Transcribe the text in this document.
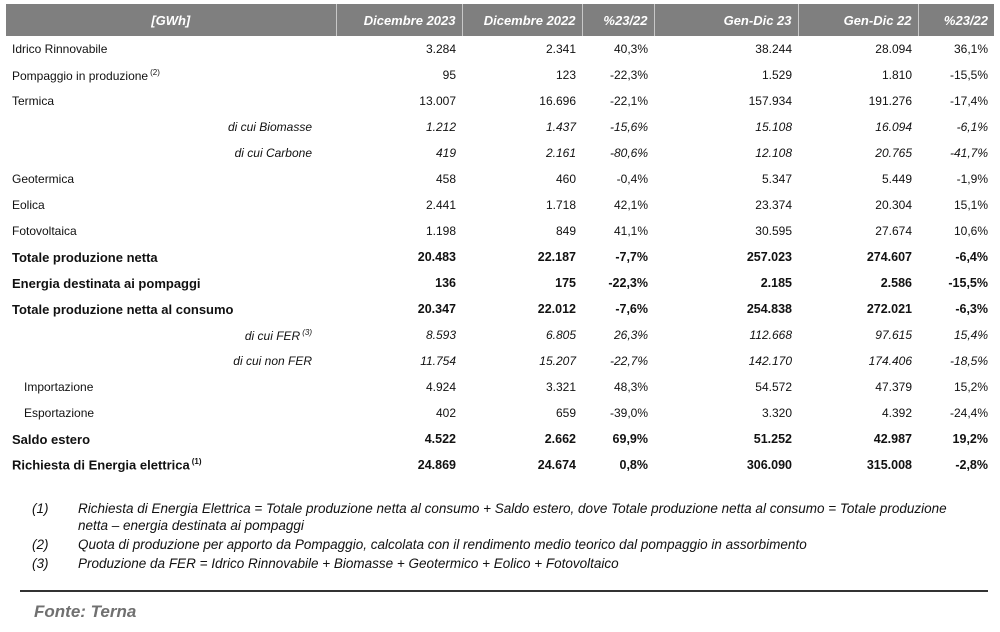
[GWh]	Dicembre 2023	Dicembre 2022	%23/22	Gen-Dic 23	Gen-Dic 22	%23/22
Idrico Rinnovabile	3.284	2.341	40,3%	38.244	28.094	36,1%
Pompaggio in produzione $^{(2)}$	95	123	-22,3%	1.529	1.810	-15,5%
Termica	13.007	16.696	-22,1%	157.934	191.276	-17,4%
di cui Biomasse	1.212	1.437	-15,6%	15.108	16.094	-6,1%
di cui Carbone	419	2.161	-80,6%	12.108	20.765	-41,7%
Geotermica	458	460	-0,4%	5.347	5.449	-1,9%
Eolica	2.441	1.718	42,1%	23.374	20.304	15,1%
Fotovoltaica	1.198	849	41,1%	30.595	27.674	10,6%
Totale produzione netta	20.483	22.187	-7,7%	257.023	274.607	-6,4%
Energia destinata ai pompaggi	136	175	-22,3%	2.185	2.586	-15,5%
Totale produzione netta al consumo	20.347	22.012	-7,6%	254.838	272.021	-6,3%
di cui FER $^{(3)}$	8.593	6.805	26,3%	112.668	97.615	15,4%
di cui non FER	11.754	15.207	-22,7%	142.170	174.406	-18,5%
Importazione	4.924	3.321	48,3%	54.572	47.379	15,2%
Esportazione	402	659	-39,0%	3.320	4.392	-24,4%
Saldo estero	4.522	2.662	69,9%	51.252	42.987	19,2%
Richiesta di Energia elettrica $^{(1)}$	24.869	24.674	0,8%	306.090	315.008	-2,8%
(1)	Richiesta di Energia Elettrica = Totale produzione netta al consumo + Saldo estero, dove Totale produzione netta al consumo = Totale produzione netta – energia destinata ai pompaggi
(2)	Quota di produzione per apporto da Pompaggio, calcolata con il rendimento medio teorico dal pompaggio in assorbimento
(3)	Produzione da FER = Idrico Rinnovabile + Biomasse + Geotermico + Eolico + Fotovoltaico
Fonte: Terna
